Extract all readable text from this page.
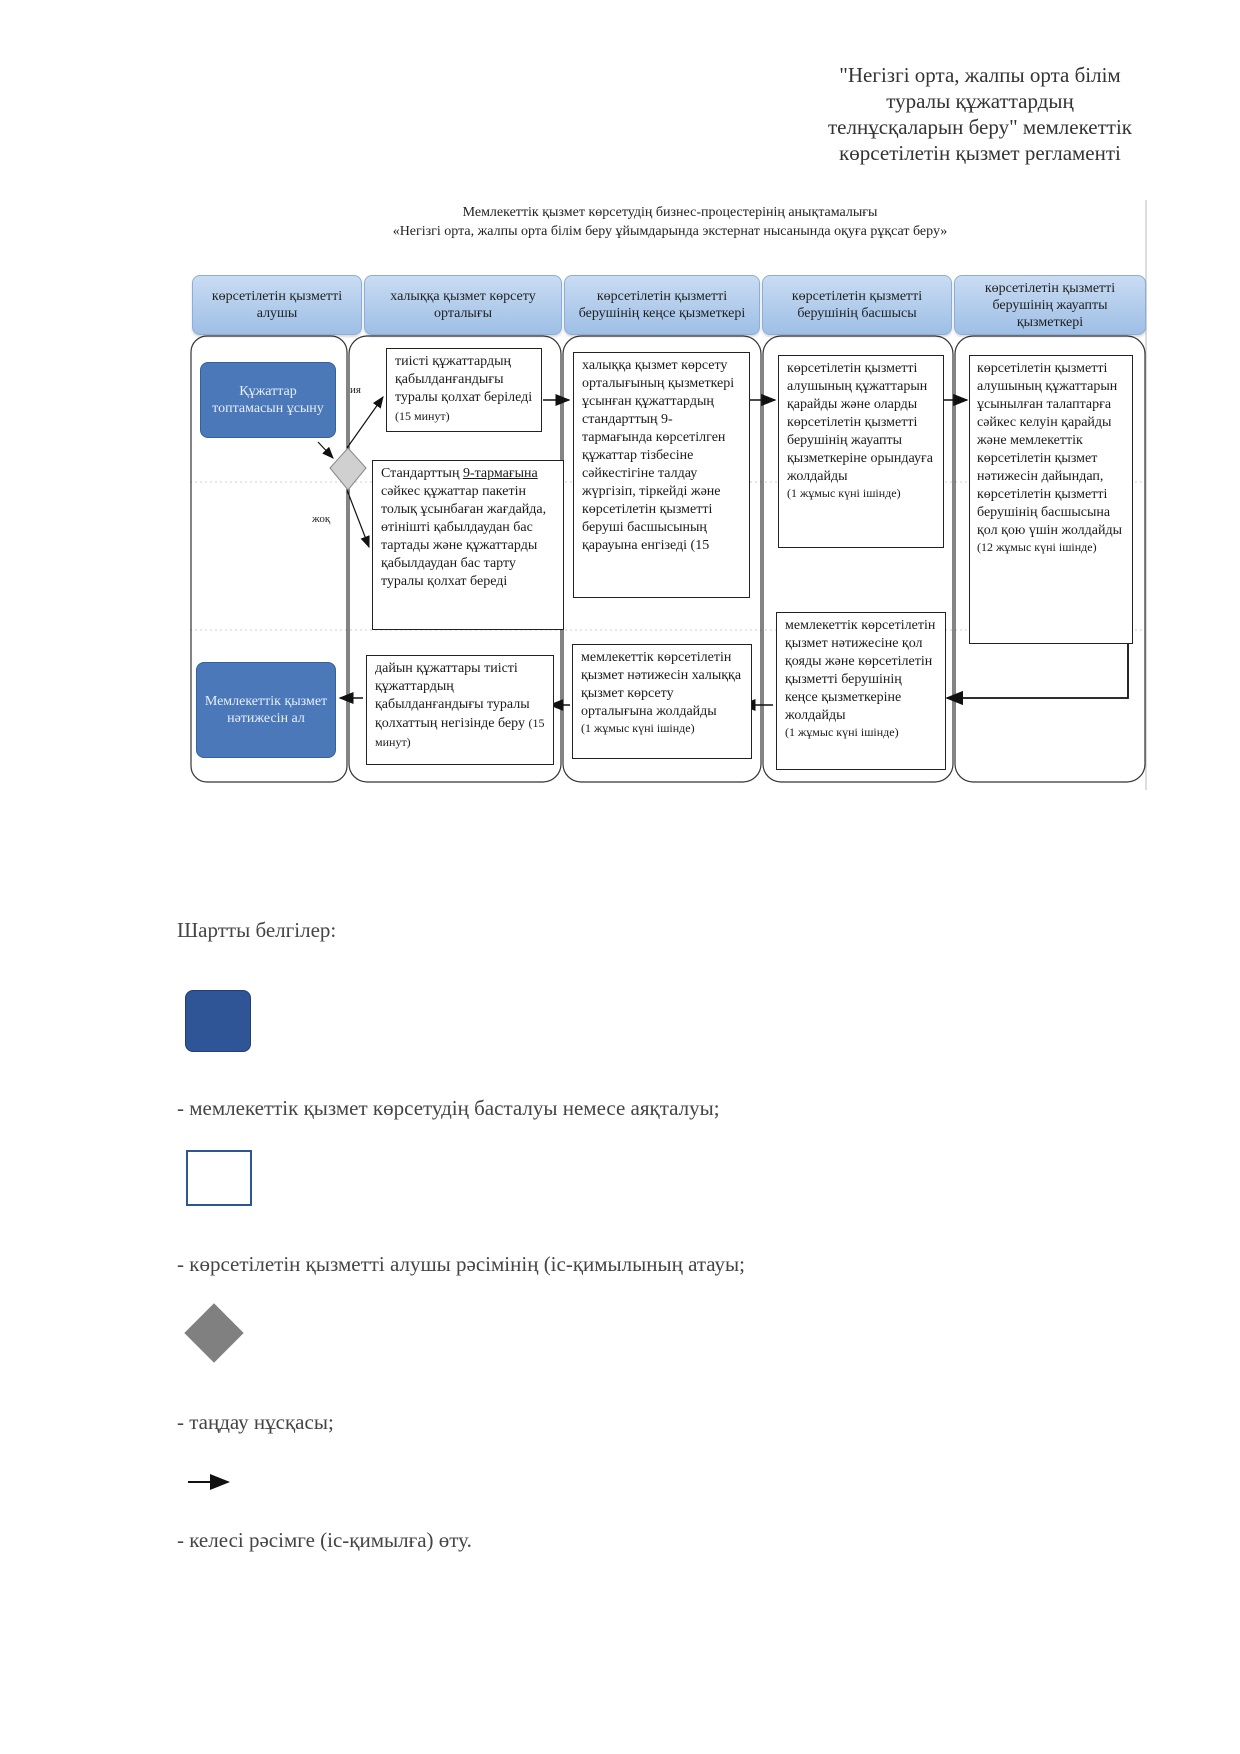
"Негізгі орта, жалпы орта білім
туралы құжаттардың
телнұсқаларын беру" мемлекеттік
көрсетілетін қызмет регламенті
Мемлекеттік қызмет көрсетудің бизнес-процестерінің анықтамалығы
«Негізгі орта, жалпы орта білім беру ұйымдарында экстернат нысанында оқуға рұқсат беру»
көрсетілетін қызметті алушы
халыққа қызмет көрсету орталығы
көрсетілетін қызметті берушінің кеңсе қызметкері
көрсетілетін қызметті берушінің басшысы
көрсетілетін қызметті берушінің жауапты қызметкері
Құжаттар топтамасын ұсыну
Мемлекеттік қызмет нәтижесін ал
ия
жоқ
тиісті құжаттардың қабылданғандығы туралы қолхат беріледі (15 минут)
Стандарттың 9-тармағына сәйкес құжаттар пакетін толық ұсынбаған жағдайда, өтінішті қабылдаудан бас тартады және құжаттарды қабылдаудан бас тарту туралы қолхат береді
халыққа қызмет көрсету орталығының қызметкері ұсынған құжаттардың стандарттың 9-тармағында көрсетілген құжаттар тізбесіне сәйкестігіне талдау жүргізіп, тіркейді және көрсетілетін қызметті беруші басшысының қарауына енгізеді (15
көрсетілетін қызметті алушының құжаттарын қарайды және оларды көрсетілетін қызметті берушінің жауапты қызметкеріне орындауға жолдайды
(1 жұмыс күні ішінде)
көрсетілетін қызметті алушының құжаттарын ұсынылған талаптарға сәйкес келуін қарайды және мемлекеттік көрсетілетін қызмет нәтижесін дайындап, көрсетілетін қызметті берушінің басшысына қол қою үшін жолдайды
(12 жұмыс күні ішінде)
мемлекеттік көрсетілетін қызмет нәтижесіне қол қояды және көрсетілетін қызметті берушінің кеңсе қызметкеріне жолдайды
(1 жұмыс күні ішінде)
мемлекеттік көрсетілетін қызмет нәтижесін халыққа қызмет көрсету орталығына жолдайды
(1 жұмыс күні ішінде)
дайын құжаттары тиісті құжаттардың қабылданғандығы туралы қолхаттың негізінде беру (15 минут)
Шартты белгілер:
- мемлекеттік қызмет көрсетудің басталуы немесе аяқталуы;
- көрсетілетін қызметті алушы рәсімінің (іс-қимылының атауы;
- таңдау нұсқасы;
- келесі рәсімге (іс-қимылға) өту.
